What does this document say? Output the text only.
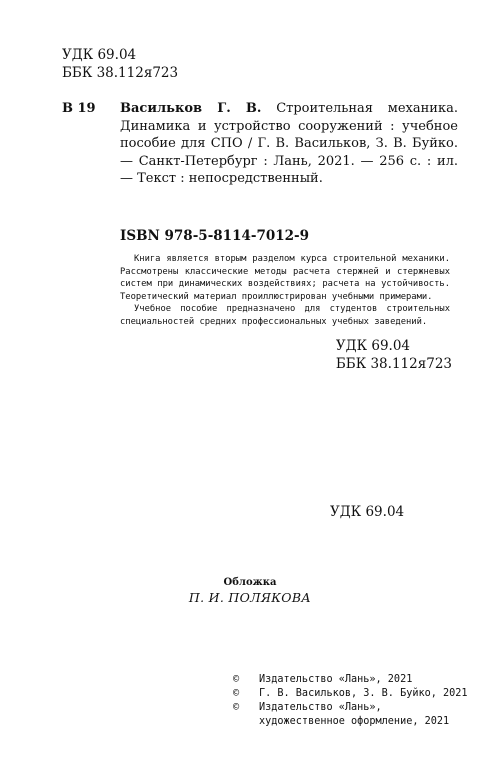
УДК 69.04
ББК 38.112я723
В 19	Васильков Г. В. Строительная механика. Динамика и устройство сооружений : учебное пособие для СПО / Г. В. Васильков, З. В. Буйко. — Санкт-Петербург : Лань, 2021. — 256 с. : ил. — Текст : непосредственный.
ISBN 978-5-8114-7012-9

Книга является вторым разделом курса строительной механики. Рассмотрены классические методы расчета стержней и стержневых систем при динамических воздействиях; расчета на устойчивость. Теоретический материал проиллюстрирован учебными примерами.

Учебное пособие предназначено для студентов строительных специальностей средних профессиональных учебных заведений.

УДК 69.04
ББК 38.112я723
УДК 69.04
Обложка
П. И. ПОЛЯКОВА
©	Издательство «Лань», 2021
©	Г. В. Васильков, З. В. Буйко, 2021
©	Издательство «Лань»,
художественное оформление, 2021
